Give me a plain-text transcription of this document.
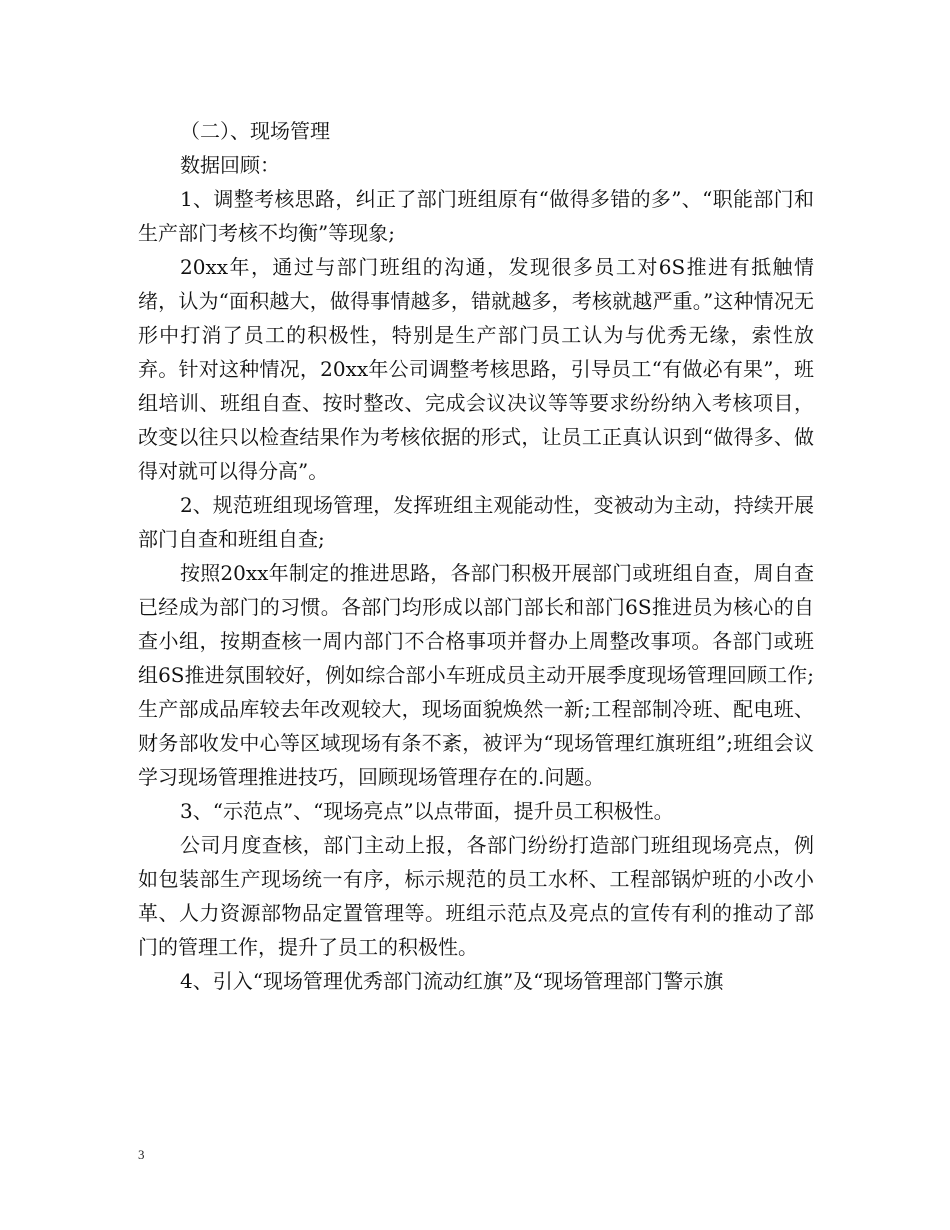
（二）、现场管理

数据回顾：

1、调整考核思路，纠正了部门班组原有“做得多错的多”、“职能部门和生产部门考核不均衡”等现象;

20xx年，通过与部门班组的沟通，发现很多员工对6S推进有抵触情绪，认为“面积越大，做得事情越多，错就越多，考核就越严重。”这种情况无形中打消了员工的积极性，特别是生产部门员工认为与优秀无缘，索性放弃。针对这种情况，20xx年公司调整考核思路，引导员工“有做必有果”，班组培训、班组自查、按时整改、完成会议决议等等要求纷纷纳入考核项目，改变以往只以检查结果作为考核依据的形式，让员工正真认识到“做得多、做得对就可以得分高”。

2、规范班组现场管理，发挥班组主观能动性，变被动为主动，持续开展部门自查和班组自查;

按照20xx年制定的推进思路，各部门积极开展部门或班组自查，周自查已经成为部门的习惯。各部门均形成以部门部长和部门6S推进员为核心的自查小组，按期查核一周内部门不合格事项并督办上周整改事项。各部门或班组6S推进氛围较好，例如综合部小车班成员主动开展季度现场管理回顾工作;生产部成品库较去年改观较大，现场面貌焕然一新;工程部制冷班、配电班、财务部收发中心等区域现场有条不紊，被评为“现场管理红旗班组”;班组会议学习现场管理推进技巧，回顾现场管理存在的.问题。

3、“示范点”、“现场亮点”以点带面，提升员工积极性。

公司月度查核，部门主动上报，各部门纷纷打造部门班组现场亮点，例如包装部生产现场统一有序，标示规范的员工水杯、工程部锅炉班的小改小革、人力资源部物品定置管理等。班组示范点及亮点的宣传有利的推动了部门的管理工作，提升了员工的积极性。

4、引入“现场管理优秀部门流动红旗”及“现场管理部门警示旗

3
